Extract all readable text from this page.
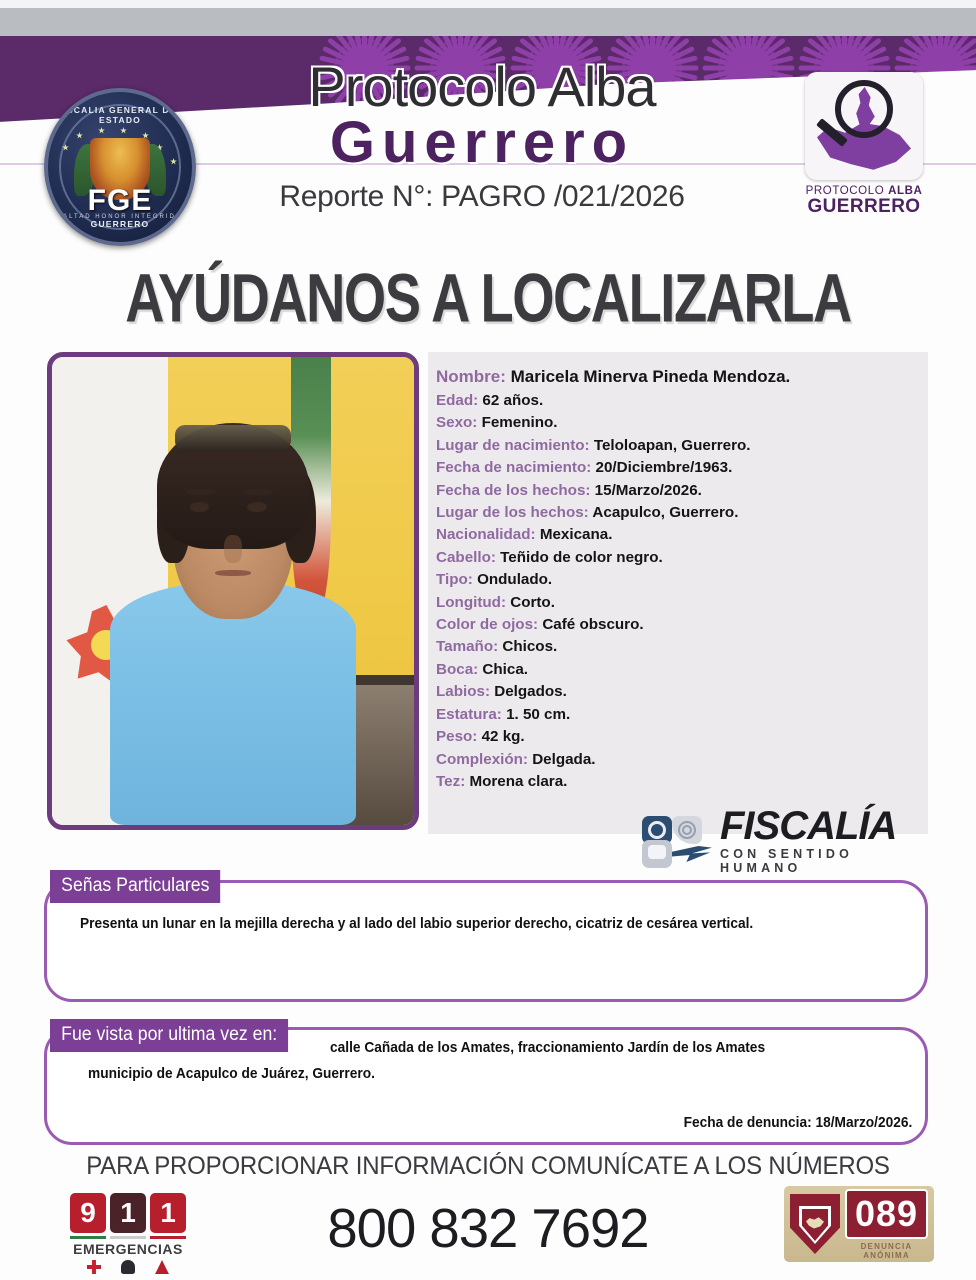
FISCALIA GENERAL DEL ESTADO
FGE
LEALTAD HONOR INTEGRIDAD
GUERRERO
Protocolo Alba
Guerrero
Reporte N°: PAGRO /021/2026	PROTOCOLO ALBA
GUERRERO
AYÚDANOS A LOCALIZARLA
Nombre: Maricela Minerva Pineda Mendoza.
Edad: 62 años.
Sexo: Femenino.
Lugar de nacimiento: Teloloapan, Guerrero.
Fecha de nacimiento: 20/Diciembre/1963.
Fecha de los hechos: 15/Marzo/2026.
Lugar de los hechos: Acapulco, Guerrero.
Nacionalidad: Mexicana.
Cabello: Teñido de color negro.
Tipo: Ondulado.
Longitud: Corto.
Color de ojos: Café obscuro.
Tamaño: Chicos.
Boca: Chica.
Labios: Delgados.
Estatura: 1. 50 cm.
Peso: 42 kg.
Complexión: Delgada.
Tez: Morena clara.
FISCALÍA
CON SENTIDO HUMANO
Señas Particulares
Presenta un lunar en la mejilla derecha y al lado del labio superior derecho, cicatriz de cesárea vertical.
Fue vista por ultima vez en:
calle Cañada de los Amates, fraccionamiento Jardín de los Amates
municipio de Acapulco de Juárez, Guerrero.
Fecha de denuncia: 18/Marzo/2026.
PARA PROPORCIONAR INFORMACIÓN COMUNÍCATE A LOS NÚMEROS
9 1 1
EMERGENCIAS	800 832 7692	089
DENUNCIA ANÓNIMA
